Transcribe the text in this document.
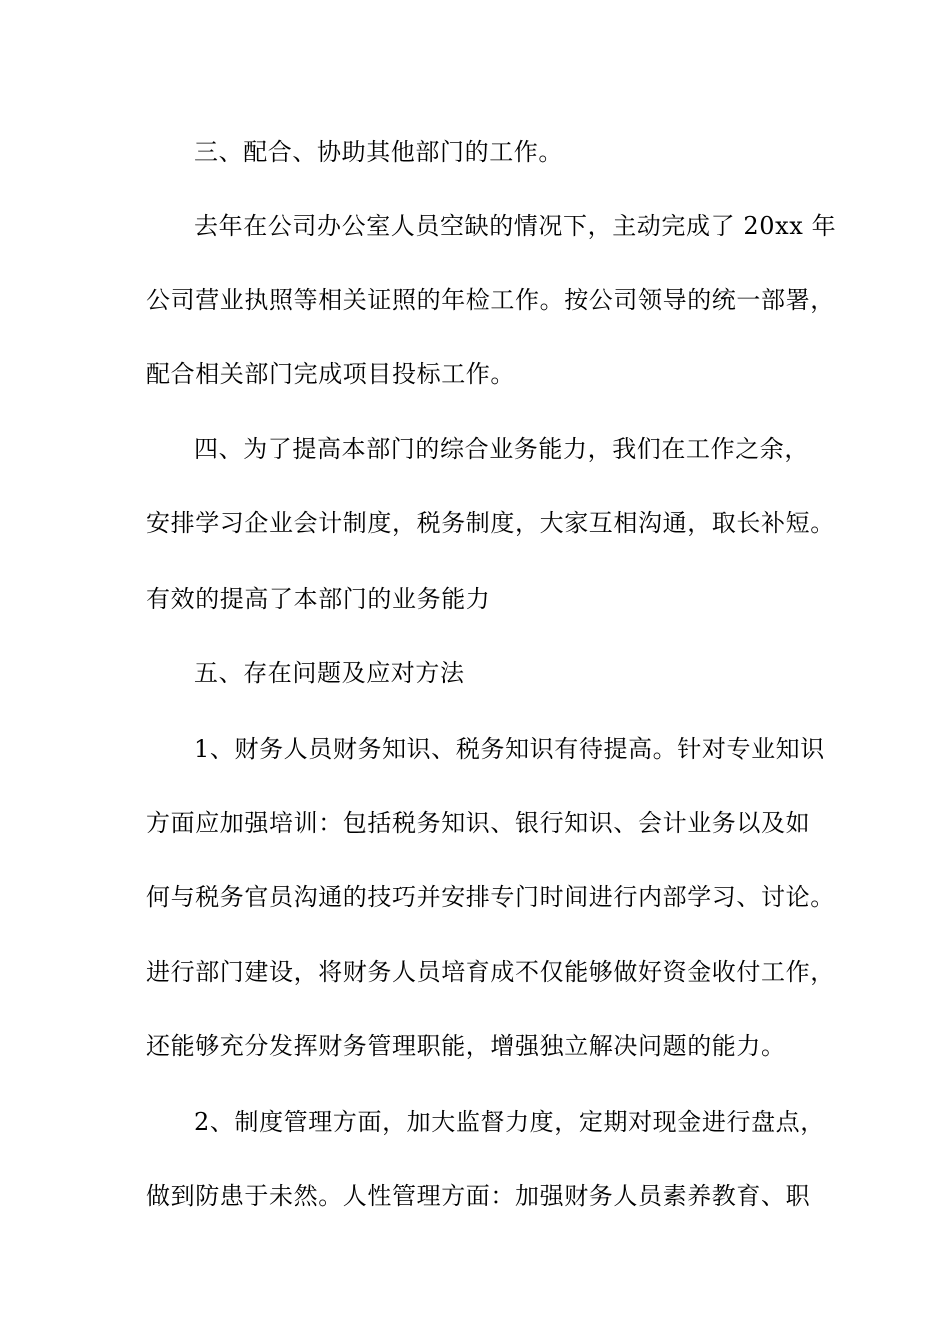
三、配合、协助其他部门的工作。
去年在公司办公室人员空缺的情况下，主动完成了 20xx 年
公司营业执照等相关证照的年检工作。按公司领导的统一部署，
配合相关部门完成项目投标工作。
四、为了提高本部门的综合业务能力，我们在工作之余，
安排学习企业会计制度，税务制度，大家互相沟通，取长补短。
有效的提高了本部门的业务能力
五、存在问题及应对方法
1、财务人员财务知识、税务知识有待提高。针对专业知识
方面应加强培训：包括税务知识、银行知识、会计业务以及如
何与税务官员沟通的技巧并安排专门时间进行内部学习、讨论。
进行部门建设，将财务人员培育成不仅能够做好资金收付工作，
还能够充分发挥财务管理职能，增强独立解决问题的能力。
2、制度管理方面，加大监督力度，定期对现金进行盘点，
做到防患于未然。人性管理方面：加强财务人员素养教育、职
